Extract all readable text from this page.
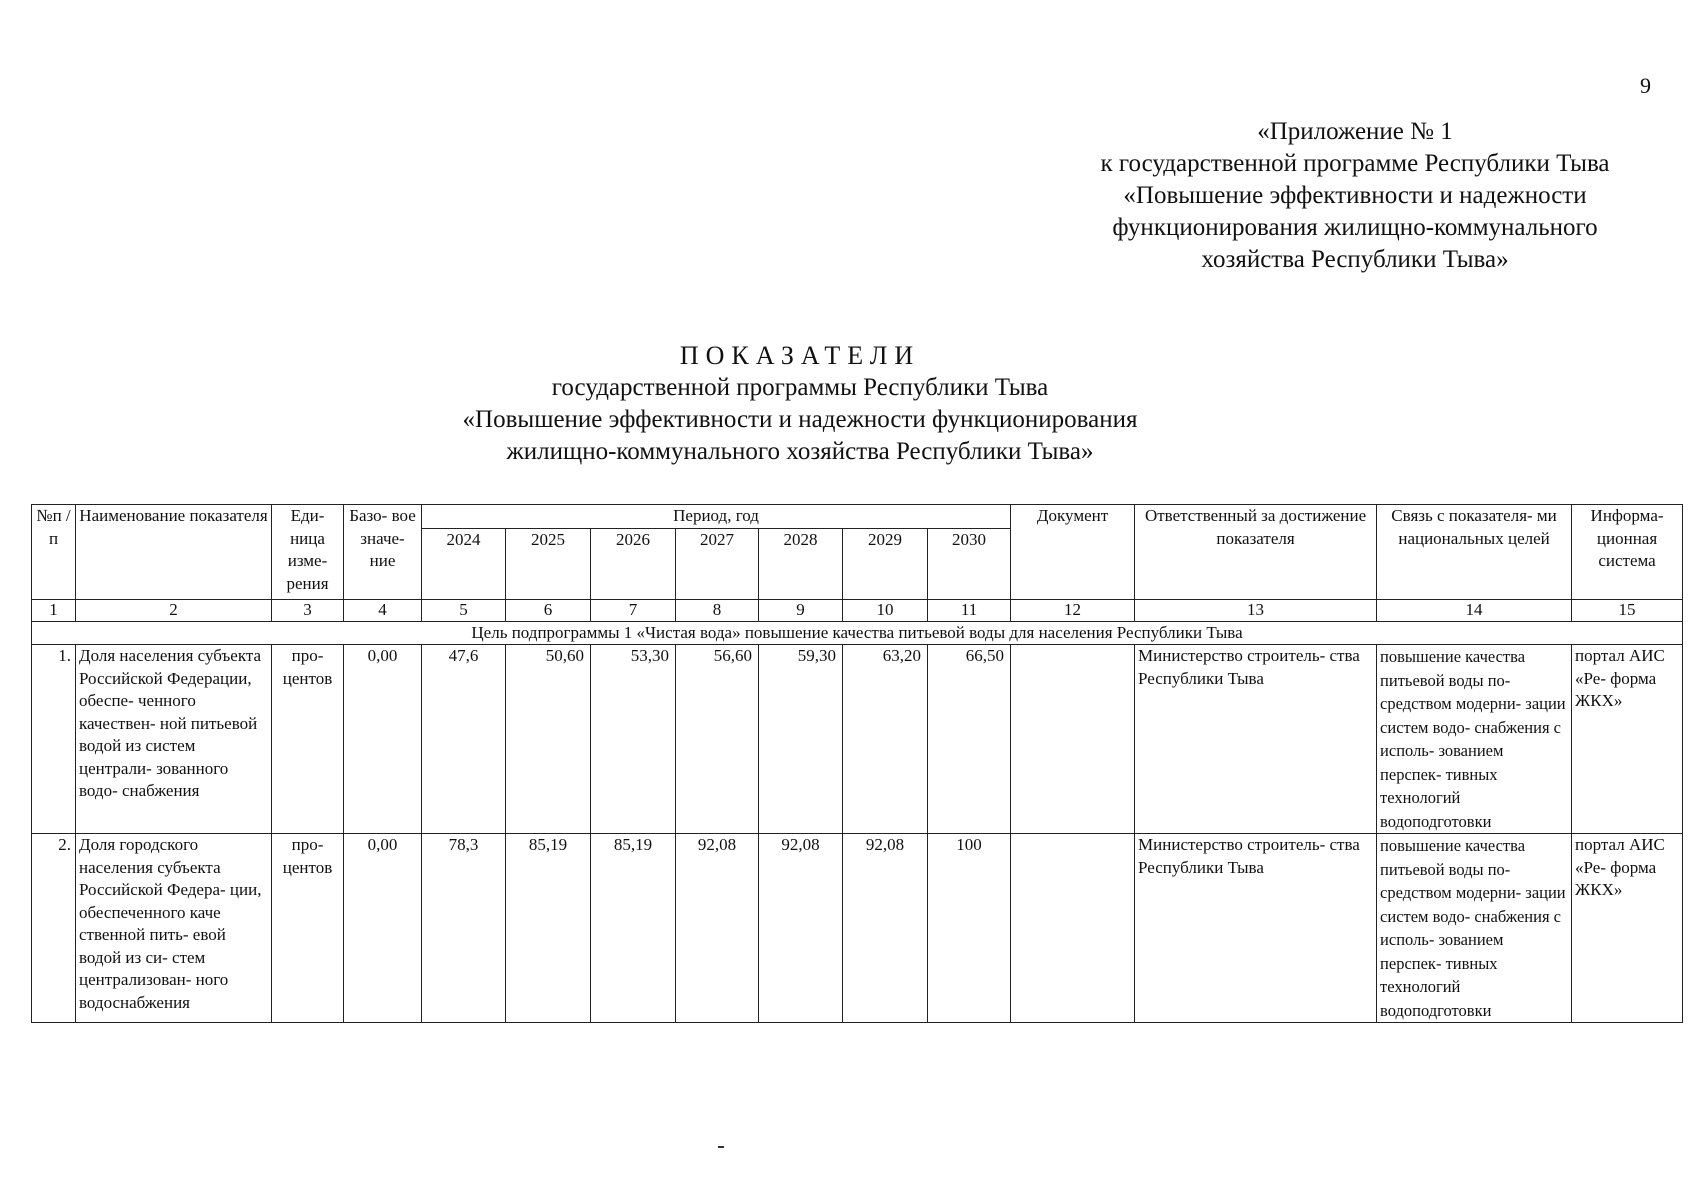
9
«Приложение № 1
к государственной программе Республики Тыва
«Повышение эффективности и надежности
функционирования жилищно-коммунального
хозяйства Республики Тыва»
ПОКАЗАТЕЛИ
государственной программы Республики Тыва
«Повышение эффективности и надежности функционирования
жилищно-коммунального хозяйства Республики Тыва»
№п /п	Наименование показателя	Еди- ница изме- рения	Базо- вое значе- ние	Период, год							Документ	Ответственный за достижение показателя	Связь с показателя- ми национальных целей	Информа- ционная система
				2024	2025	2026	2027	2028	2029	2030				
1	2	3	4	5	6	7	8	9	10	11	12	13	14	15
Цель подпрограммы 1 «Чистая вода» повышение качества питьевой воды для населения Республики Тыва														
1.	Доля населения субъекта Российской Федерации, обеспе- ченного качествен- ной питьевой водой из систем централи- зованного водо- снабжения	про- центов	0,00	47,6	50,60	53,30	56,60	59,30	63,20	66,50		Министерство строитель- ства Республики Тыва	повышение качества питьевой воды по- средством модерни- зации систем водо- снабжения с исполь- зованием перспек- тивных технологий водоподготовки	портал АИС «Ре- форма ЖКХ»
2.	Доля городского населения субъекта Российской Федера- ции, обеспеченного каче ственной пить- евой водой из си- стем централизован- ного водоснабжения	про- центов	0,00	78,3	85,19	85,19	92,08	92,08	92,08	100		Министерство строитель- ства Республики Тыва	повышение качества питьевой воды по- средством модерни- зации систем водо- снабжения с исполь- зованием перспек- тивных технологий водоподготовки	портал АИС «Ре- форма ЖКХ»
